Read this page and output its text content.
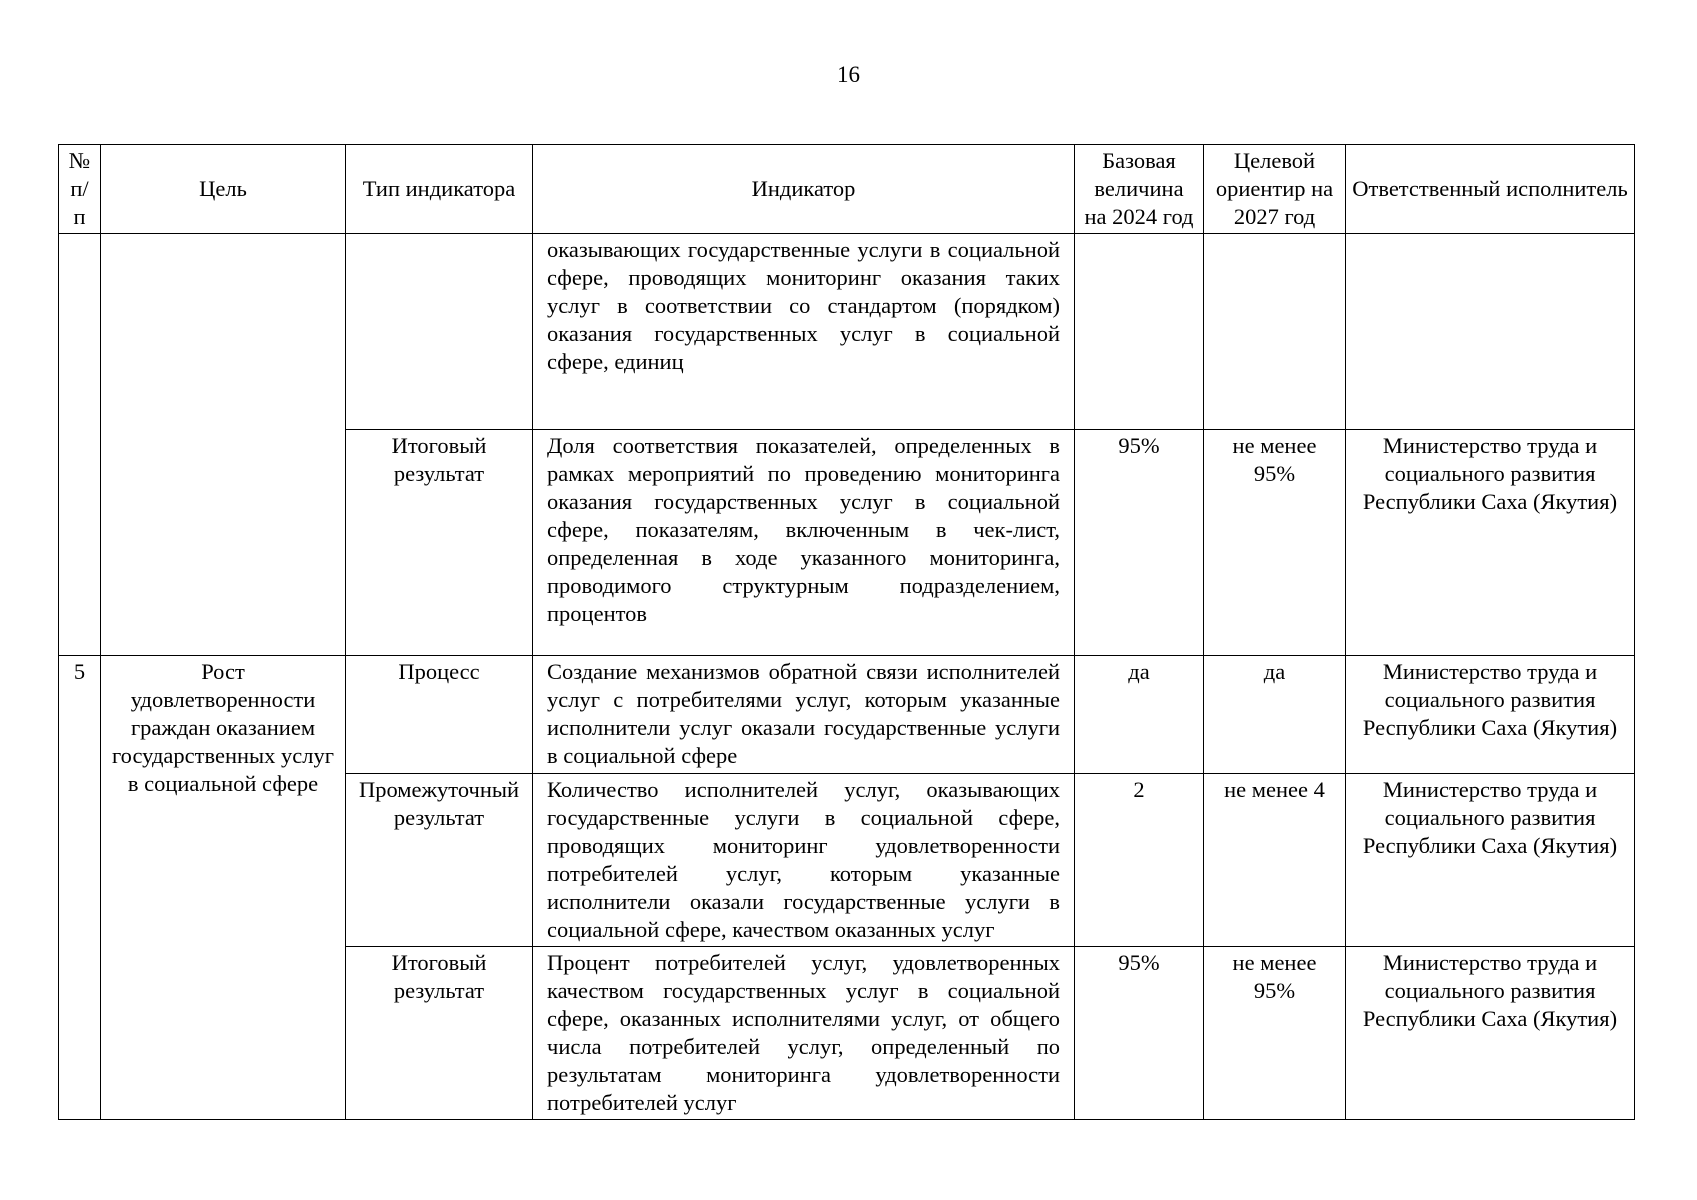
16
№ п/п	Цель	Тип индикатора	Индикатор	Базовая величина на 2024 год	Целевой ориентир на 2027 год	Ответственный исполнитель
			оказывающих государственные услуги в социальной сфере, проводящих мониторинг оказания таких услуг в соответствии со стандартом (порядком) оказания государственных услуг в социальной сфере, единиц			
		Итоговый результат	Доля соответствия показателей, определенных в рамках мероприятий по проведению мониторинга оказания государственных услуг в социальной сфере, показателям, включенным в чек-лист, определенная в ходе указанного мониторинга, проводимого структурным подразделением, процентов	95%	не менее 95%	Министерство труда и социального развития Республики Саха (Якутия)
5	Рост удовлетворенности граждан оказанием государственных услуг в социальной сфере	Процесс	Создание механизмов обратной связи исполнителей услуг с потребителями услуг, которым указанные исполнители услуг оказали государственные услуги в социальной сфере	да	да	Министерство труда и социального развития Республики Саха (Якутия)
		Промежуточный результат	Количество исполнителей услуг, оказывающих государственные услуги в социальной сфере, проводящих мониторинг удовлетворенности потребителей услуг, которым указанные исполнители оказали государственные услуги в социальной сфере, качеством оказанных услуг	2	не менее 4	Министерство труда и социального развития Республики Саха (Якутия)
		Итоговый результат	Процент потребителей услуг, удовлетворенных качеством государственных услуг в социальной сфере, оказанных исполнителями услуг, от общего числа потребителей услуг, определенный по результатам мониторинга удовлетворенности потребителей услуг	95%	не менее 95%	Министерство труда и социального развития Республики Саха (Якутия)
